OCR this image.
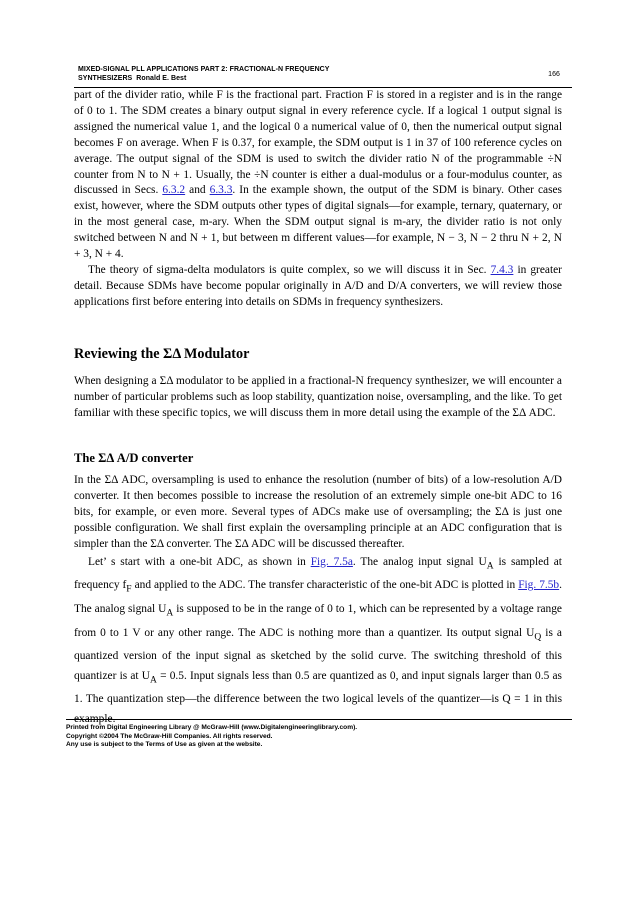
MIXED-SIGNAL PLL APPLICATIONS PART 2: FRACTIONAL-N FREQUENCY
SYNTHESIZERS Ronald E. Best
166

part of the divider ratio, while F is the fractional part. Fraction F is stored in a register and is in the range of 0 to 1. The SDM creates a binary output signal in every reference cycle. If a logical 1 output signal is assigned the numerical value 1, and the logical 0 a numerical value of 0, then the numerical output signal becomes F on average. When F is 0.37, for example, the SDM output is 1 in 37 of 100 reference cycles on average. The output signal of the SDM is used to switch the divider ratio N of the programmable ÷N counter from N to N + 1. Usually, the ÷N counter is either a dual-modulus or a four-modulus counter, as discussed in Secs. 6.3.2 and 6.3.3. In the example shown, the output of the SDM is binary. Other cases exist, however, where the SDM outputs other types of digital signals—for example, ternary, quaternary, or in the most general case, m-ary. When the SDM output signal is m-ary, the divider ratio is not only switched between N and N + 1, but between m different values—for example, N − 3, N − 2 thru N + 2, N + 3, N + 4.

The theory of sigma-delta modulators is quite complex, so we will discuss it in Sec. 7.4.3 in greater detail. Because SDMs have become popular originally in A/D and D/A converters, we will review those applications first before entering into details on SDMs in frequency synthesizers.

Reviewing the ΣΔ Modulator

When designing a ΣΔ modulator to be applied in a fractional-N frequency synthesizer, we will encounter a number of particular problems such as loop stability, quantization noise, oversampling, and the like. To get familiar with these specific topics, we will discuss them in more detail using the example of the ΣΔ ADC.

The ΣΔ A/D converter

In the ΣΔ ADC, oversampling is used to enhance the resolution (number of bits) of a low-resolution A/D converter. It then becomes possible to increase the resolution of an extremely simple one-bit ADC to 16 bits, for example, or even more. Several types of ADCs make use of oversampling; the ΣΔ is just one possible configuration. We shall first explain the oversampling principle at an ADC configuration that is simpler than the ΣΔ converter. The ΣΔ ADC will be discussed thereafter.

Let’ s start with a one-bit ADC, as shown in Fig. 7.5a. The analog input signal $U_A$ is sampled at frequency $f_F$ and applied to the ADC. The transfer characteristic of the one-bit ADC is plotted in Fig. 7.5b. The analog signal $U_A$ is supposed to be in the range of 0 to 1, which can be represented by a voltage range from 0 to 1 V or any other range. The ADC is nothing more than a quantizer. Its output signal $U_Q$ is a quantized version of the input signal as sketched by the solid curve. The switching threshold of this quantizer is at $U_A = 0.5$. Input signals less than 0.5 are quantized as 0, and input signals larger than 0.5 as 1. The quantization step—the difference between the two logical levels of the quantizer—is Q = 1 in this example.

Printed from Digital Engineering Library @ McGraw-Hill (www.Digitalengineeringlibrary.com).
Copyright ©2004 The McGraw-Hill Companies. All rights reserved.
Any use is subject to the Terms of Use as given at the website.
